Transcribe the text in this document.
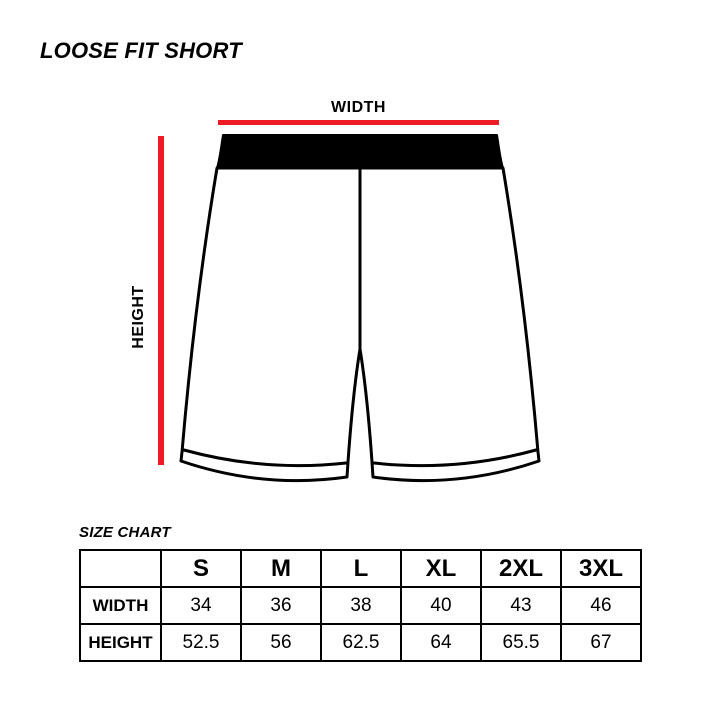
LOOSE FIT SHORT
WIDTH
HEIGHT
SIZE CHART
	S	M	L	XL	2XL	3XL
WIDTH	34	36	38	40	43	46
HEIGHT	52.5	56	62.5	64	65.5	67
